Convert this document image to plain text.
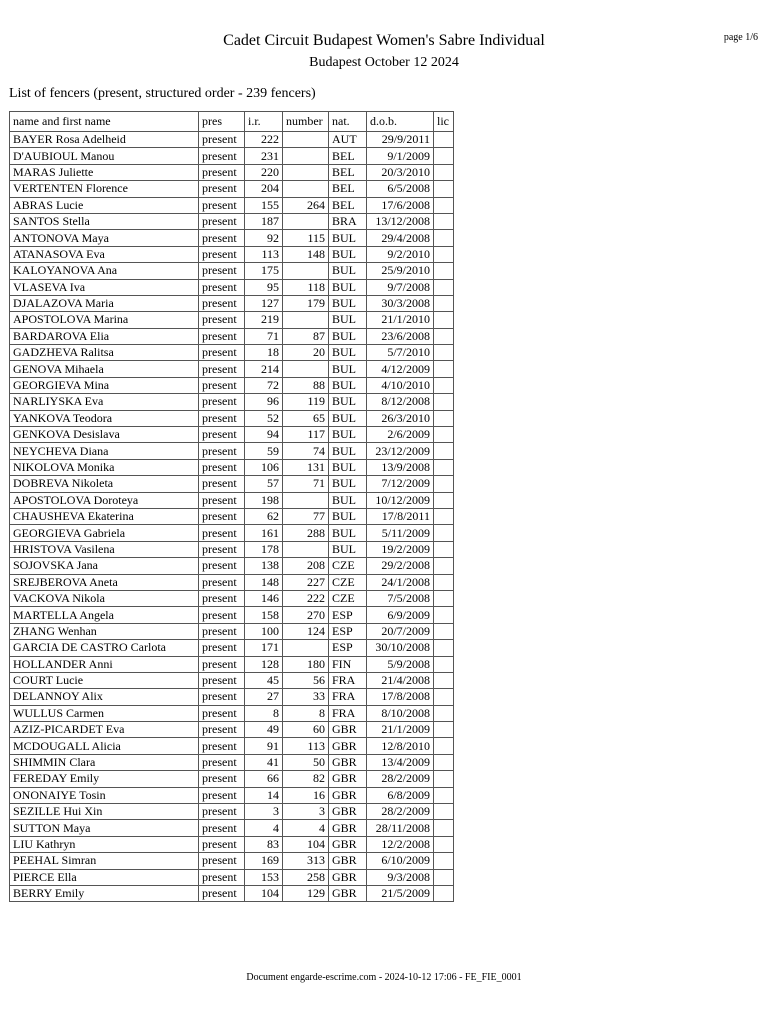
Cadet Circuit Budapest Women's Sabre Individual
Budapest October 12 2024
page 1/6
List of fencers (present, structured order - 239 fencers)
name and first name	pres	i.r.	number	nat.	d.o.b.	lic
BAYER Rosa Adelheid	present	222		AUT	29/9/2011	
D'AUBIOUL Manou	present	231		BEL	9/1/2009	
MARAS Juliette	present	220		BEL	20/3/2010	
VERTENTEN Florence	present	204		BEL	6/5/2008	
ABRAS Lucie	present	155	264	BEL	17/6/2008	
SANTOS Stella	present	187		BRA	13/12/2008	
ANTONOVA Maya	present	92	115	BUL	29/4/2008	
ATANASOVA Eva	present	113	148	BUL	9/2/2010	
KALOYANOVA Ana	present	175		BUL	25/9/2010	
VLASEVA Iva	present	95	118	BUL	9/7/2008	
DJALAZOVA Maria	present	127	179	BUL	30/3/2008	
APOSTOLOVA Marina	present	219		BUL	21/1/2010	
BARDAROVA Elia	present	71	87	BUL	23/6/2008	
GADZHEVA Ralitsa	present	18	20	BUL	5/7/2010	
GENOVA Mihaela	present	214		BUL	4/12/2009	
GEORGIEVA Mina	present	72	88	BUL	4/10/2010	
NARLIYSKA Eva	present	96	119	BUL	8/12/2008	
YANKOVA Teodora	present	52	65	BUL	26/3/2010	
GENKOVA Desislava	present	94	117	BUL	2/6/2009	
NEYCHEVA Diana	present	59	74	BUL	23/12/2009	
NIKOLOVA Monika	present	106	131	BUL	13/9/2008	
DOBREVA Nikoleta	present	57	71	BUL	7/12/2009	
APOSTOLOVA Doroteya	present	198		BUL	10/12/2009	
CHAUSHEVA Ekaterina	present	62	77	BUL	17/8/2011	
GEORGIEVA Gabriela	present	161	288	BUL	5/11/2009	
HRISTOVA Vasilena	present	178		BUL	19/2/2009	
SOJOVSKA Jana	present	138	208	CZE	29/2/2008	
SREJBEROVA Aneta	present	148	227	CZE	24/1/2008	
VACKOVA Nikola	present	146	222	CZE	7/5/2008	
MARTELLA Angela	present	158	270	ESP	6/9/2009	
ZHANG Wenhan	present	100	124	ESP	20/7/2009	
GARCIA DE CASTRO Carlota	present	171		ESP	30/10/2008	
HOLLANDER Anni	present	128	180	FIN	5/9/2008	
COURT Lucie	present	45	56	FRA	21/4/2008	
DELANNOY Alix	present	27	33	FRA	17/8/2008	
WULLUS Carmen	present	8	8	FRA	8/10/2008	
AZIZ-PICARDET Eva	present	49	60	GBR	21/1/2009	
MCDOUGALL Alicia	present	91	113	GBR	12/8/2010	
SHIMMIN Clara	present	41	50	GBR	13/4/2009	
FEREDAY Emily	present	66	82	GBR	28/2/2009	
ONONAIYE Tosin	present	14	16	GBR	6/8/2009	
SEZILLE Hui Xin	present	3	3	GBR	28/2/2009	
SUTTON Maya	present	4	4	GBR	28/11/2008	
LIU Kathryn	present	83	104	GBR	12/2/2008	
PEEHAL Simran	present	169	313	GBR	6/10/2009	
PIERCE Ella	present	153	258	GBR	9/3/2008	
BERRY Emily	present	104	129	GBR	21/5/2009	
Document engarde-escrime.com - 2024-10-12 17:06 - FE_FIE_0001
